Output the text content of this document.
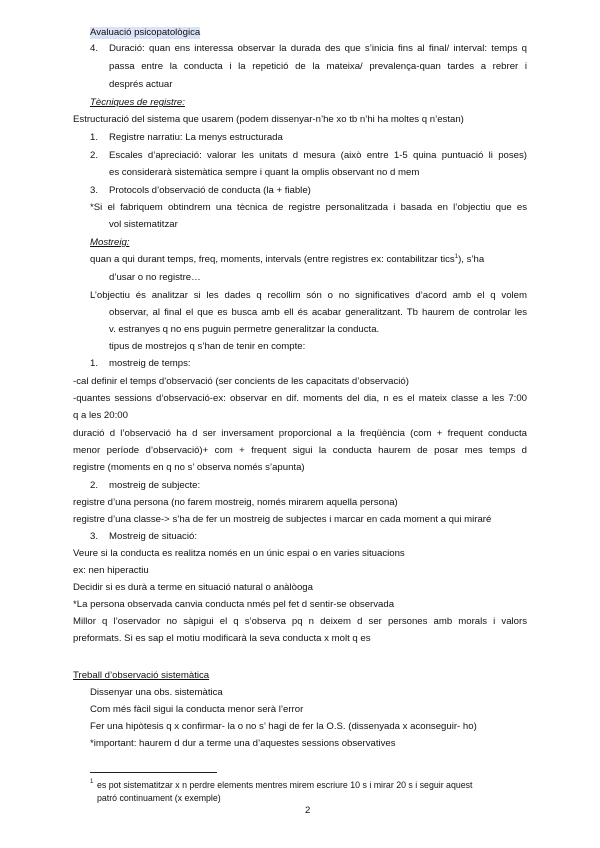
Avaluació psicopatològica
4. Duració: quan ens interessa observar la durada des que s’inicia fins al final/ interval: temps q
passa entre la conducta i la repetició de la mateixa/ prevalença-quan tardes a rebrer i
després actuar
Tècniques de registre:
Estructuració del sistema que usarem (podem dissenyar-n’he xo tb n’hi ha moltes q n’estan)
1. Registre narratiu: La menys estructurada
2. Escales d’apreciació: valorar les unitats d mesura (això entre 1-5 quina puntuació li poses)
es considerarà sistemàtica sempre i quant la omplis observant no d mem
3. Protocols d’observació de conducta (la + fiable)
*Si el fabriquem obtindrem una tècnica de registre personalitzada i basada en l’objectiu que es
vol sistematitzar
Mostreig:
quan a qui durant temps, freq, moments, intervals (entre registres ex: contabilitzar tics$^1$), s’ha
d’usar o no registre…
L’objectiu és analitzar si les dades q recollim són o no significatives d’acord amb el q volem
observar, al final el que es busca amb ell és acabar generalitzant. Tb haurem de controlar les
v. estranyes q no ens puguin permetre generalitzar la conducta.
tipus de mostrejos q s’han de tenir en compte:
1. mostreig de temps:
-cal definir el temps d’observació (ser concients de les capacitats d’observació)
-quantes sessions d’observació-ex: observar en dif. moments del dia, n es el mateix classe a les 7:00
q a les 20:00
duració d l’observació ha d ser inversament proporcional a la freqüència (com + frequent conducta
menor període d’observació)+ com + frequent sigui la conducta haurem de posar mes temps d
registre (moments en q no s’ observa només s’apunta)
2. mostreig de subjecte:
registre d’una persona (no farem mostreig, només mirarem aquella persona)
registre d’una classe-> s’ha de fer un mostreig de subjectes i marcar en cada moment a qui miraré
3. Mostreig de situació:
Veure si la conducta es realitza només en un únic espai o en varies situacions
ex: nen hiperactiu
Decidir si es durà a terme en situació natural o anàlòoga
*La persona observada canvia conducta nmés pel fet d sentir-se observada
Millor q l’oservador no sàpigui el q s’observa pq n deixem d ser persones amb morals i valors
preformats. Si es sap el motiu modificarà la seva conducta x molt q es
Treball d’observació sistemàtica
Dissenyar una obs. sistemàtica
Com més fàcil sigui la conducta menor serà l’error
Fer una hipòtesis q x confirmar- la o no s’ hagi de fer la O.S. (dissenyada x aconseguir- ho)
*important: haurem d dur a terme una d’aquestes sessions observatives
1 es pot sistematitzar x n perdre elements mentres mirem escriure 10 s i mirar 20 s i seguir aquest
patró continuament (x exemple)
2
